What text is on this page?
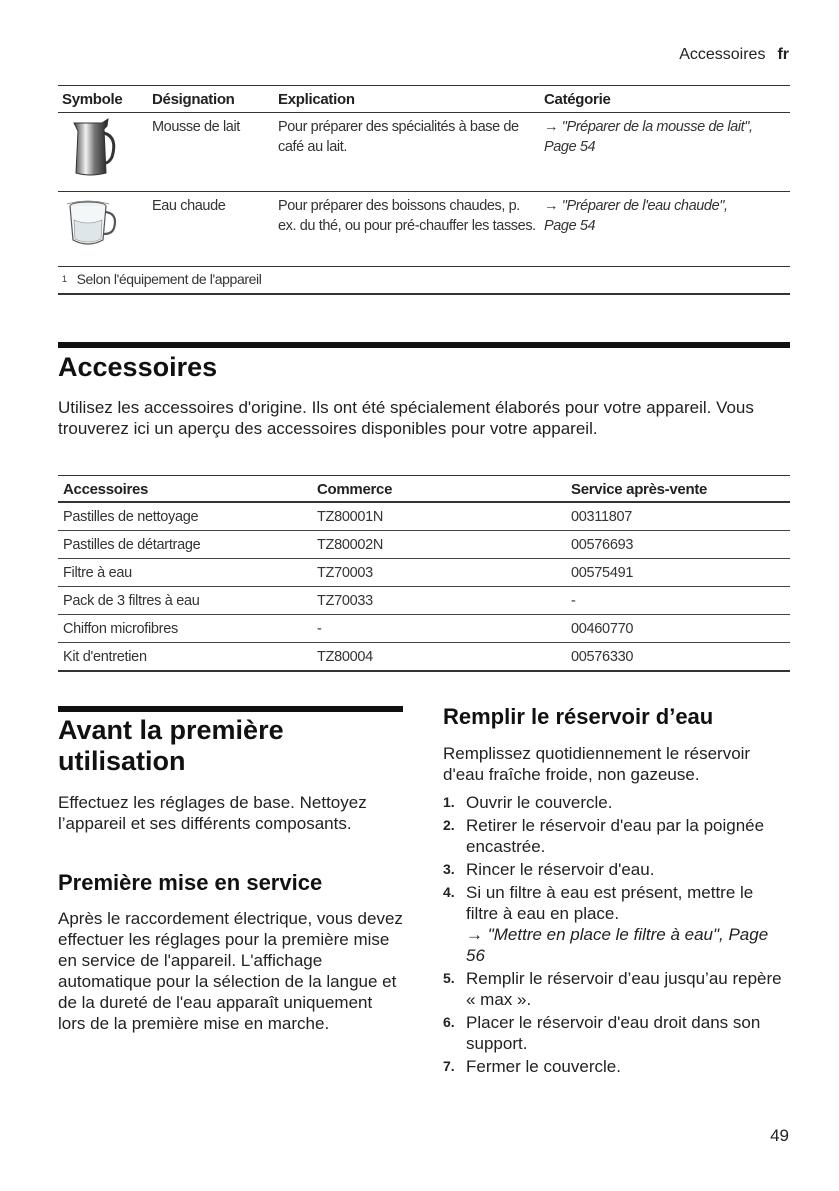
Accessoires fr
Symbole	Désignation	Explication	Catégorie
	Mousse de lait	Pour préparer des spécialités à base de café au lait.	→ "Préparer de la mousse de lait",
Page 54
	Eau chaude	Pour préparer des boissons chaudes, p. ex. du thé, ou pour pré-chauffer les tasses.	→ "Préparer de l'eau chaude",
Page 54
$^1$ Selon l'équipement de l'appareil			
Accessoires

Utilisez les accessoires d'origine. Ils ont été spécialement élaborés pour votre appareil. Vous trouverez ici un aperçu des accessoires disponibles pour votre appareil.

Accessoires	Commerce	Service après-vente
Pastilles de nettoyage	TZ80001N	00311807
Pastilles de détartrage	TZ80002N	00576693
Filtre à eau	TZ70003	00575491
Pack de 3 filtres à eau	TZ70033	-
Chiffon microfibres	-	00460770
Kit d'entretien	TZ80004	00576330
Avant la première
utilisation

Effectuez les réglages de base. Nettoyez l’appareil et ses différents composants.

Première mise en service

Après le raccordement électrique, vous devez effectuer les réglages pour la première mise en service de l'appareil. L'affichage automatique pour la sélection de la langue et de la dureté de l'eau apparaît uniquement lors de la première mise en marche.

Remplir le réservoir d’eau

Remplissez quotidiennement le réservoir d'eau fraîche froide, non gazeuse.

1. Ouvrir le couvercle.
2. Retirer le réservoir d'eau par la poignée encastrée.
3. Rincer le réservoir d'eau.
4. Si un filtre à eau est présent, mettre le filtre à eau en place.
→ "Mettre en place le filtre à eau", Page 56
5. Remplir le réservoir d’eau jusqu’au repère « max ».
6. Placer le réservoir d'eau droit dans son support.
7. Fermer le couvercle.
49
